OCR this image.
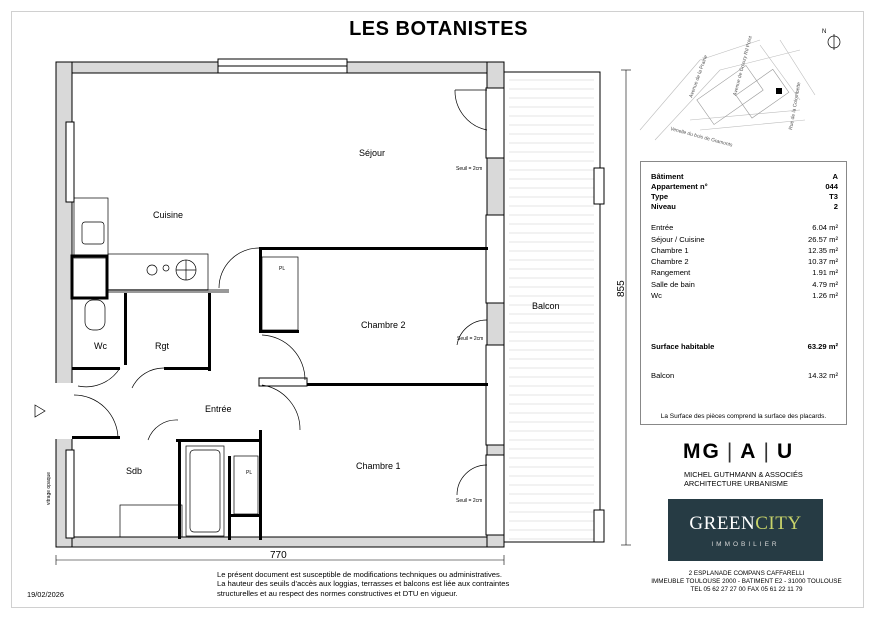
LES BOTANISTES	N
Avenue de la Prairie	Avenue de Crouzy Rd Point
Venelle du bois de Gramonts
Rue de la Colombette
Séjour
Cuisine
Chambre 2
Chambre 1
Balcon
Wc	Rgt
Entrée
Sdb
Seuil = 2cm
Seuil = 2cm
Seuil = 2cm
PL
PL
vitrage opaque
770
855
Bâtiment	A
Appartement n°	044
Type	T3
Niveau	2
Entrée	6.04 m²
Séjour / Cuisine	26.57 m²
Chambre 1	12.35 m²
Chambre 2	10.37 m²
Rangement	1.91 m²
Salle de bain	4.79 m²
Wc	1.26 m²
Surface habitable	63.29 m²
Balcon	14.32 m²
La Surface des pièces comprend la surface des placards.
MG | A | U
MICHEL GUTHMANN & ASSOCIÉS
ARCHITECTURE URBANISME
GREENCITY
IMMOBILIER
2 ESPLANADE COMPANS CAFFARELLI
IMMEUBLE TOULOUSE 2000 - BATIMENT E2 - 31000 TOULOUSE
TEL 05 62 27 27 00 FAX 05 61 22 11 79
Le présent document est susceptible de modifications techniques ou administratives.
La hauteur des seuils d'accès aux loggias, terrasses et balcons est liée aux contraintes
structurelles et au respect des normes constructives et DTU en vigueur.
19/02/2026
